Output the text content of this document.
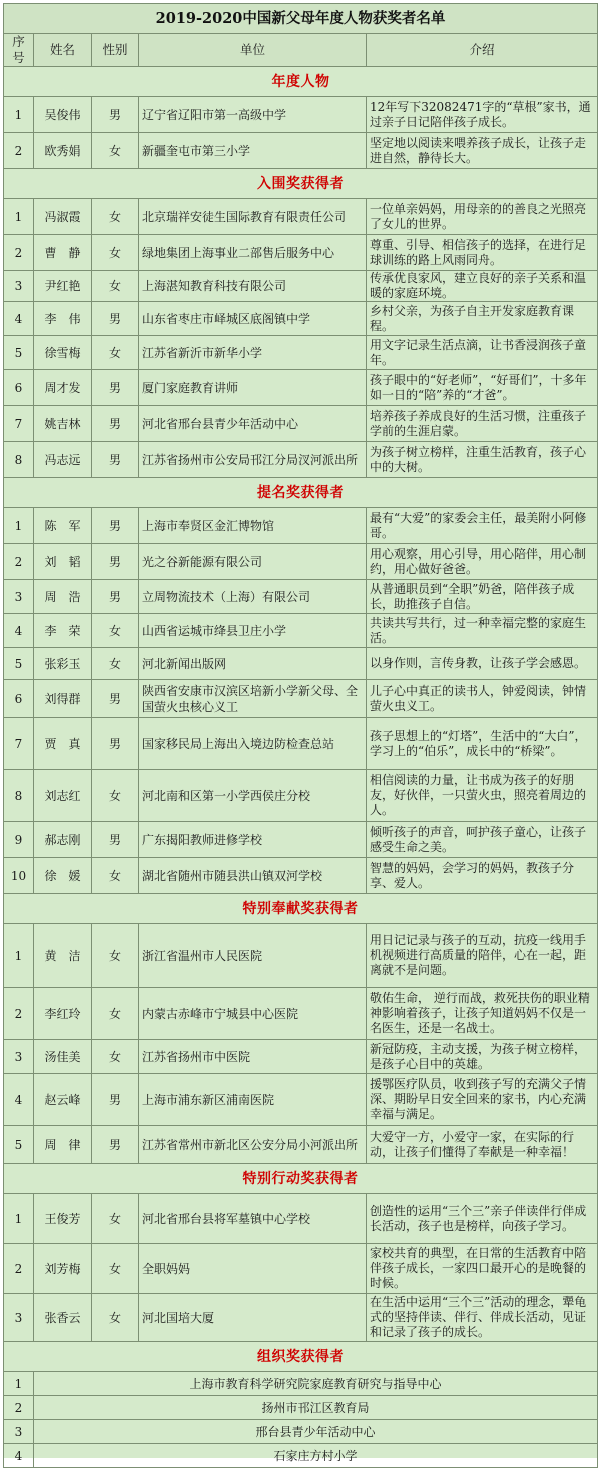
2019-2020中国新父母年度人物获奖者名单				
序号	姓名	性别	单位	介绍
年度人物				
1	吴俊伟	男	辽宁省辽阳市第一高级中学	12年写下32082471字的“草根”家书，通过亲子日记陪伴孩子成长。
2	欧秀娟	女	新疆奎屯市第三小学	坚定地以阅读来喂养孩子成长，让孩子走进自然，静待长大。
入围奖获得者				
1	冯淑霞	女	北京瑞祥安徒生国际教育有限责任公司	一位单亲妈妈，用母亲的的善良之光照亮了女儿的世界。
2	曹　静	女	绿地集团上海事业二部售后服务中心	尊重、引导、相信孩子的选择，在进行足球训练的路上风雨同舟。
3	尹红艳	女	上海湛知教育科技有限公司	传承优良家风，建立良好的亲子关系和温暖的家庭环境。
4	李　伟	男	山东省枣庄市峄城区底阁镇中学	乡村父亲，为孩子自主开发家庭教育课程。
5	徐雪梅	女	江苏省新沂市新华小学	用文字记录生活点滴，让书香浸润孩子童年。
6	周才发	男	厦门家庭教育讲师	孩子眼中的“好老师”，“好哥们”，十多年如一日的“陪”养的“才爸”。
7	姚吉林	男	河北省邢台县青少年活动中心	培养孩子养成良好的生活习惯，注重孩子学前的生涯启蒙。
8	冯志远	男	江苏省扬州市公安局邗江分局汊河派出所	为孩子树立榜样，注重生活教育，孩子心中的大树。
提名奖获得者				
1	陈　军	男	上海市奉贤区金汇博物馆	最有“大爱”的家委会主任，最美附小阿修哥。
2	刘　韬	男	光之谷新能源有限公司	用心观察，用心引导，用心陪伴，用心制约，用心做好爸爸。
3	周　浩	男	立周物流技术（上海）有限公司	从普通职员到“全职”奶爸，陪伴孩子成长，助推孩子自信。
4	李　荣	女	山西省运城市绛县卫庄小学	共读共写共行，过一种幸福完整的家庭生活。
5	张彩玉	女	河北新闻出版网	以身作则，言传身教，让孩子学会感恩。
6	刘得群	男	陕西省安康市汉滨区培新小学新父母、全国萤火虫核心义工	儿子心中真正的读书人，钟爱阅读，钟情萤火虫义工。
7	贾　真	男	国家移民局上海出入境边防检查总站	孩子思想上的“灯塔”，生活中的“大白”，学习上的“伯乐”，成长中的“桥梁”。
8	刘志红	女	河北南和区第一小学西侯庄分校	相信阅读的力量，让书成为孩子的好朋友，好伙伴，一只萤火虫，照亮着周边的人。
9	郝志刚	男	广东揭阳教师进修学校	倾听孩子的声音，呵护孩子童心，让孩子感受生命之美。
10	徐　媛	女	湖北省随州市随县洪山镇双河学校	智慧的妈妈，会学习的妈妈，教孩子分享、爱人。
特别奉献奖获得者				
1	黄　洁	女	浙江省温州市人民医院	用日记记录与孩子的互动，抗疫一线用手机视频进行高质量的陪伴，心在一起，距离就不是问题。
2	李红玲	女	内蒙古赤峰市宁城县中心医院	敬佑生命， 逆行而战，救死扶伤的职业精神影响着孩子，让孩子知道妈妈不仅是一名医生，还是一名战士。
3	汤佳美	女	江苏省扬州市中医院	新冠防疫，主动支援，为孩子树立榜样，是孩子心目中的英雄。
4	赵云峰	男	上海市浦东新区浦南医院	援鄂医疗队员，收到孩子写的充满父子情深、期盼早日安全回来的家书，内心充满幸福与满足。
5	周　律	男	江苏省常州市新北区公安分局小河派出所	大爱守一方，小爱守一家，在实际的行动，让孩子们懂得了奉献是一种幸福！
特别行动奖获得者				
1	王俊芳	女	河北省邢台县将军墓镇中心学校	创造性的运用“三个三”亲子伴读伴行伴成长活动，孩子也是榜样，向孩子学习。
2	刘芳梅	女	全职妈妈	家校共育的典型，在日常的生活教育中陪伴孩子成长，一家四口最开心的是晚餐的时候。
3	张香云	女	河北国培大厦	在生活中运用“三个三”活动的理念，犟龟式的坚持伴读、伴行、伴成长活动，见证和记录了孩子的成长。
组织奖获得者				
1	上海市教育科学研究院家庭教育研究与指导中心			
2	扬州市邗江区教育局			
3	邢台县青少年活动中心			
4	石家庄方村小学			
